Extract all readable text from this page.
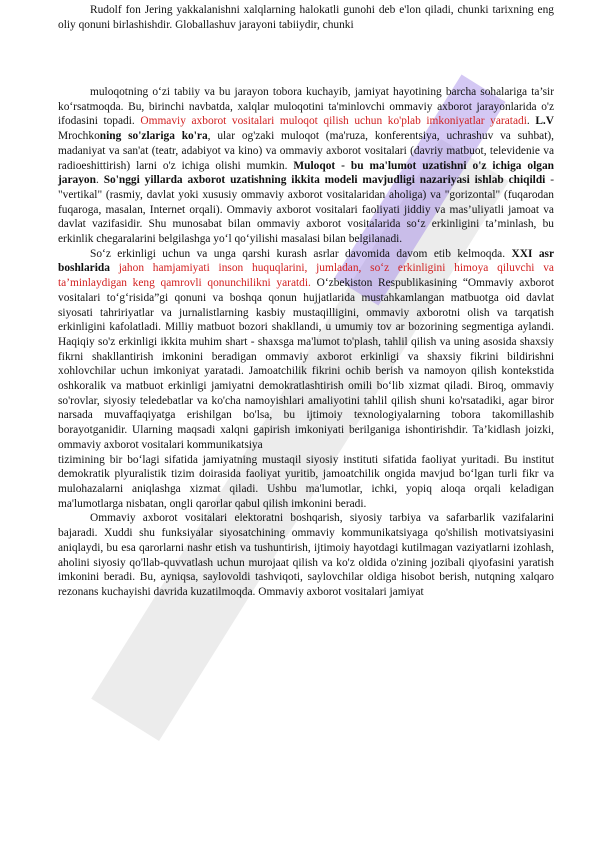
Rudolf fon Jering yakkalanishni xalqlarning halokatli gunohi deb e'lon qiladi, chunki tarixning eng oliy qonuni birlashishdir. Globallashuv jarayoni tabiiydir, chunki

muloqotning o‘zi tabiiy va bu jarayon tobora kuchayib, jamiyat hayotining barcha sohalariga ta’sir ko‘rsatmoqda. Bu, birinchi navbatda, xalqlar muloqotini ta'minlovchi ommaviy axborot jarayonlarida o'z ifodasini topadi. Ommaviy axborot vositalari muloqot qilish uchun ko'plab imkoniyatlar yaratadi. L.V Mrochkoning so'zlariga ko'ra, ular og'zaki muloqot (ma'ruza, konferentsiya, uchrashuv va suhbat), madaniyat va san'at (teatr, adabiyot va kino) va ommaviy axborot vositalari (davriy matbuot, televidenie va radioeshittirish) larni o'z ichiga olishi mumkin. Muloqot - bu ma'lumot uzatishni o'z ichiga olgan jarayon. So'nggi yillarda axborot uzatishning ikkita modeli mavjudligi nazariyasi ishlab chiqildi - "vertikal" (rasmiy, davlat yoki xususiy ommaviy axborot vositalaridan aholiga) va "gorizontal" (fuqarodan fuqaroga, masalan, Internet orqali). Ommaviy axborot vositalari faoliyati jiddiy va mas’uliyatli jamoat va davlat vazifasidir. Shu munosabat bilan ommaviy axborot vositalarida so‘z erkinligini ta’minlash, bu erkinlik chegaralarini belgilashga yo‘l qo‘yilishi masalasi bilan belgilanadi.

So‘z erkinligi uchun va unga qarshi kurash asrlar davomida davom etib kelmoqda. XXI asr boshlarida jahon hamjamiyati inson huquqlarini, jumladan, so‘z erkinligini himoya qiluvchi va ta’minlaydigan keng qamrovli qonunchilikni yaratdi. O‘zbekiston Respublikasining “Ommaviy axborot vositalari to‘g‘risida”gi qonuni va boshqa qonun hujjatlarida mustahkamlangan matbuotga oid davlat siyosati tahririyatlar va jurnalistlarning kasbiy mustaqilligini, ommaviy axborotni olish va tarqatish erkinligini kafolatladi. Milliy matbuot bozori shakllandi, u umumiy tov ar bozorining segmentiga aylandi. Haqiqiy so'z erkinligi ikkita muhim shart - shaxsga ma'lumot to'plash, tahlil qilish va uning asosida shaxsiy fikrni shakllantirish imkonini beradigan ommaviy axborot erkinligi va shaxsiy fikrini bildirishni xohlovchilar uchun imkoniyat yaratadi. Jamoatchilik fikrini ochib berish va namoyon qilish kontekstida oshkoralik va matbuot erkinligi jamiyatni demokratlashtirish omili bo‘lib xizmat qiladi. Biroq, ommaviy so'rovlar, siyosiy teledebatlar va ko'cha namoyishlari amaliyotini tahlil qilish shuni ko'rsatadiki, agar biror narsada muvaffaqiyatga erishilgan bo'lsa, bu ijtimoiy texnologiyalarning tobora takomillashib borayotganidir. Ularning maqsadi xalqni gapirish imkoniyati berilganiga ishontirishdir. Ta’kidlash joizki, ommaviy axborot vositalari kommunikatsiya

tizimining bir bo‘lagi sifatida jamiyatning mustaqil siyosiy instituti sifatida faoliyat yuritadi. Bu institut demokratik plyuralistik tizim doirasida faoliyat yuritib, jamoatchilik ongida mavjud bo‘lgan turli fikr va mulohazalarni aniqlashga xizmat qiladi. Ushbu ma'lumotlar, ichki, yopiq aloqa orqali keladigan ma'lumotlarga nisbatan, ongli qarorlar qabul qilish imkonini beradi.

Ommaviy axborot vositalari elektoratni boshqarish, siyosiy tarbiya va safarbarlik vazifalarini bajaradi. Xuddi shu funksiyalar siyosatchining ommaviy kommunikatsiyaga qo'shilish motivatsiyasini aniqlaydi, bu esa qarorlarni nashr etish va tushuntirish, ijtimoiy hayotdagi kutilmagan vaziyatlarni izohlash, aholini siyosiy qo'llab-quvvatlash uchun murojaat qilish va ko'z oldida o'zining jozibali qiyofasini yaratish imkonini beradi. Bu, ayniqsa, saylovoldi tashviqoti, saylovchilar oldiga hisobot berish, nutqning xalqaro rezonans kuchayishi davrida kuzatilmoqda. Ommaviy axborot vositalari jamiyat
